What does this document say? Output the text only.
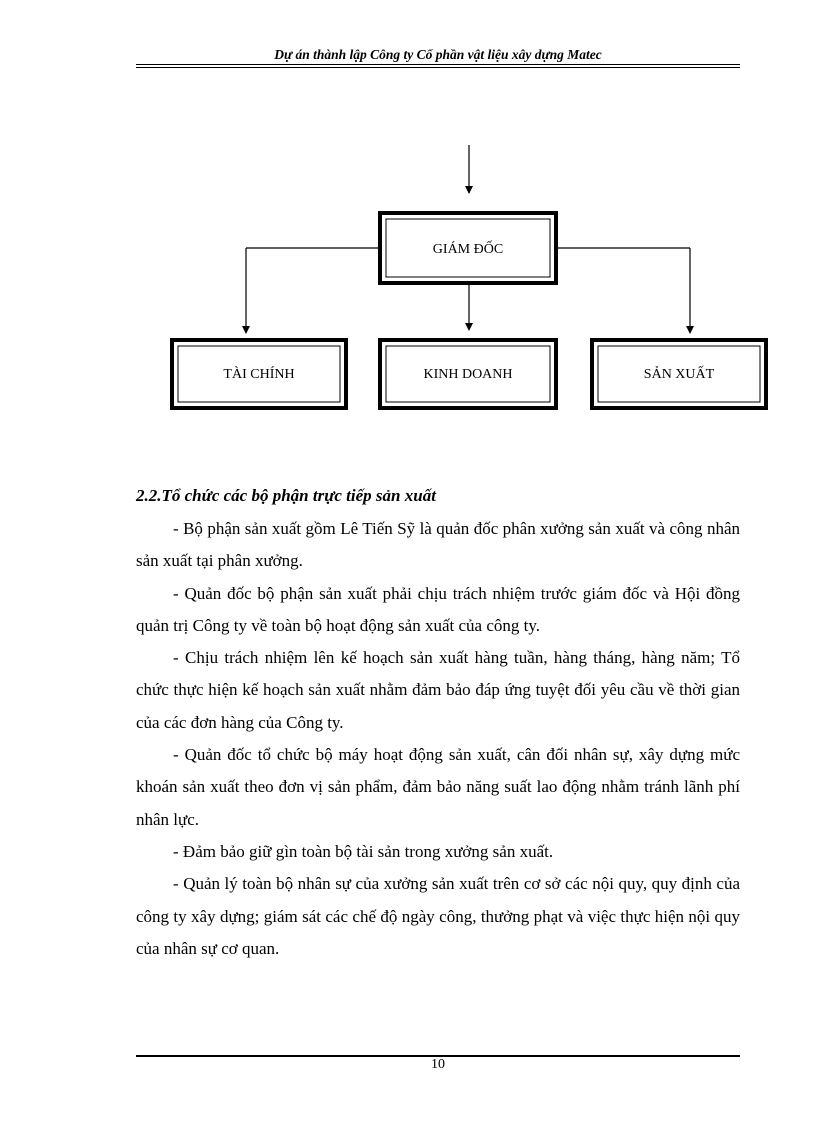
Dự án thành lập Công ty Cổ phần vật liệu xây dựng Matec
GIÁM ĐỐC
TÀI CHÍNH	KINH DOANH	SẢN XUẤT
2.2.Tổ chức các bộ phận trực tiếp sản xuất

- Bộ phận sản xuất gồm Lê Tiến Sỹ là quản đốc phân xưởng sản xuất và công nhân sản xuất tại phân xưởng.

- Quản đốc bộ phận sản xuất phải chịu trách nhiệm trước giám đốc và Hội đồng quản trị Công ty về toàn bộ hoạt động sản xuất của công ty.

- Chịu trách nhiệm lên kế hoạch sản xuất hàng tuần, hàng tháng, hàng năm; Tổ chức thực hiện kế hoạch sản xuất nhằm đảm bảo đáp ứng tuyệt đối yêu cầu về thời gian của các đơn hàng của Công ty.

- Quản đốc tổ chức bộ máy hoạt động sản xuất, cân đối nhân sự, xây dựng mức khoán sản xuất theo đơn vị sản phẩm, đảm bảo năng suất lao động nhằm tránh lãnh phí nhân lực.

- Đảm bảo giữ gìn toàn bộ tài sản trong xưởng sản xuất.

- Quản lý toàn bộ nhân sự của xưởng sản xuất trên cơ sở các nội quy, quy định của công ty xây dựng; giám sát các chế độ ngày công, thưởng phạt và việc thực hiện nội quy của nhân sự cơ quan.

10
